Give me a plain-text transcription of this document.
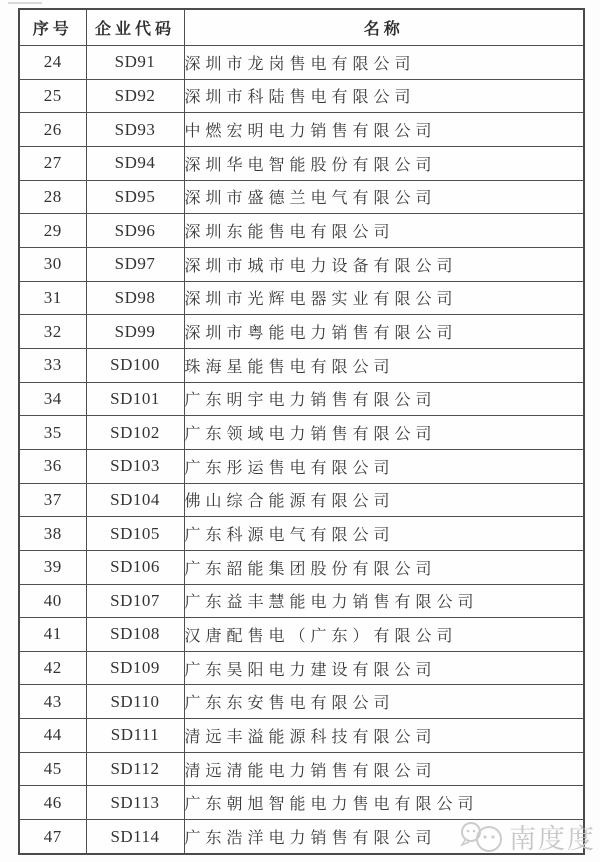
序号	企业代码	名称
24	SD91	深圳市龙岗售电有限公司
25	SD92	深圳市科陆售电有限公司
26	SD93	中燃宏明电力销售有限公司
27	SD94	深圳华电智能股份有限公司
28	SD95	深圳市盛德兰电气有限公司
29	SD96	深圳东能售电有限公司
30	SD97	深圳市城市电力设备有限公司
31	SD98	深圳市光辉电器实业有限公司
32	SD99	深圳市粤能电力销售有限公司
33	SD100	珠海星能售电有限公司
34	SD101	广东明宇电力销售有限公司
35	SD102	广东领域电力销售有限公司
36	SD103	广东彤运售电有限公司
37	SD104	佛山综合能源有限公司
38	SD105	广东科源电气有限公司
39	SD106	广东韶能集团股份有限公司
40	SD107	广东益丰慧能电力销售有限公司
41	SD108	汉唐配售电（广东）有限公司
42	SD109	广东昊阳电力建设有限公司
43	SD110	广东东安售电有限公司
44	SD111	清远丰溢能源科技有限公司
45	SD112	清远清能电力销售有限公司
46	SD113	广东朝旭智能电力售电有限公司
47	SD114	广东浩洋电力销售有限公司	南度度
